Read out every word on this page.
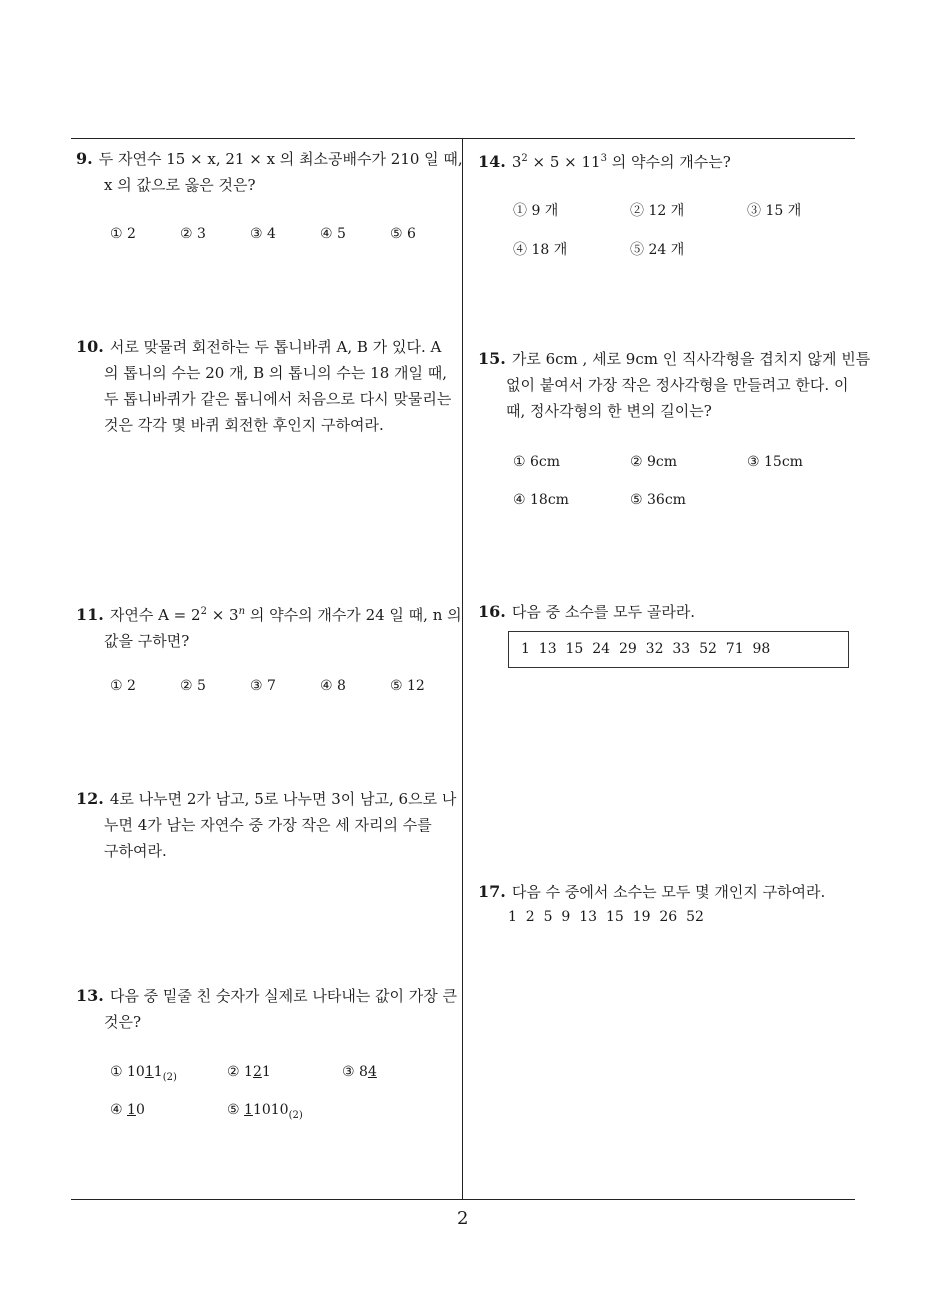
9. 두 자연수 15 × x, 21 × x 의 최소공배수가 210 일 때,
x 의 값으로 옳은 것은?
① 2	② 3	③ 4	④ 5	⑤ 6
10. 서로 맞물려 회전하는 두 톱니바퀴 A, B 가 있다. A
의 톱니의 수는 20 개, B 의 톱니의 수는 18 개일 때,
두 톱니바퀴가 같은 톱니에서 처음으로 다시 맞물리는
것은 각각 몇 바퀴 회전한 후인지 구하여라.
11. 자연수 $A = 2^2 \times 3^n$ 의 약수의 개수가 24 일 때, n 의
값을 구하면?
① 2	② 5	③ 7	④ 8	⑤ 12
12. 4로 나누면 2가 남고, 5로 나누면 3이 남고, 6으로 나
누면 4가 남는 자연수 중 가장 작은 세 자리의 수를
구하여라.
13. 다음 중 밑줄 친 숫자가 실제로 나타내는 값이 가장 큰
것은?
① $1011_{(2)}$	② 121	③ 84
④ 10	⑤ $11010_{(2)}$
14. $3^2 \times 5 \times 11^3$ 의 약수의 개수는?
① 9 개	② 12 개	③ 15 개
④ 18 개	⑤ 24 개
15. 가로 6cm , 세로 9cm 인 직사각형을 겹치지 않게 빈틈
없이 붙여서 가장 작은 정사각형을 만들려고 한다. 이
때, 정사각형의 한 변의 길이는?
① 6cm	② 9cm	③ 15cm
④ 18cm	⑤ 36cm
16. 다음 중 소수를 모두 골라라.
1  13  15  24  29  32  33  52  71  98
17. 다음 수 중에서 소수는 모두 몇 개인지 구하여라.
1  2  5  9  13  15  19  26  52
2
